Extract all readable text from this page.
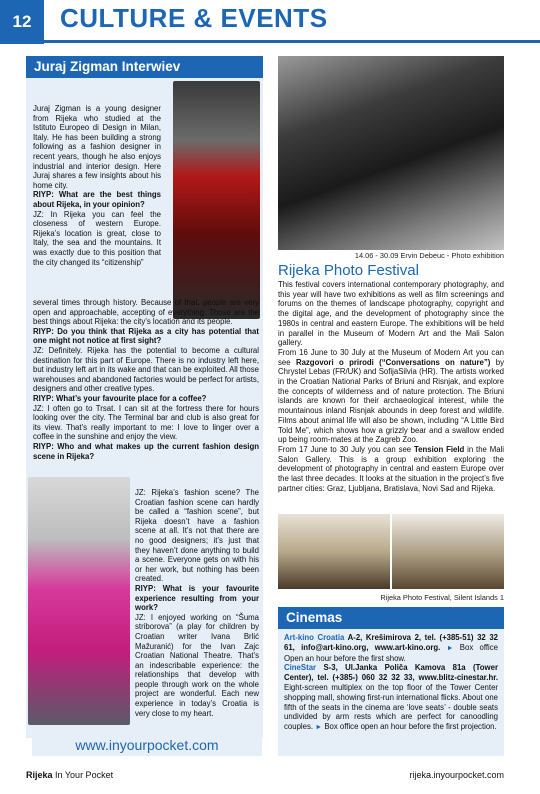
12	CULTURE & EVENTS
Juraj Zigman Interwiev
Juraj Zigman is a young designer from Rijeka who studied at the Istituto Europeo di Design in Milan, Italy. He has been building a strong following as a fashion designer in recent years, though he also enjoys industrial and interior design. Here Juraj shares a few insights about his home city.
RIYP: What are the best things about Rijeka, in your opinion?
JZ: In Rijeka you can feel the closeness of western Europe. Rijeka’s location is great, close to Italy, the sea and the mountains. It was exactly due to this position that the city changed its “citizenship”
several times through history. Because of that, people are very open and approachable, accepting of everything. Those are the best things about Rijeka: the city’s location and its people.
RIYP: Do you think that Rijeka as a city has potential that one might not notice at first sight?
JZ: Definitely. Rijeka has the potential to become a cultural destination for this part of Europe. There is no industry left here, but industry left art in its wake and that can be exploited. All those warehouses and abandoned factories would be perfect for artists, designers and other creative types.
RIYP: What’s your favourite place for a coffee?
JZ: I often go to Trsat. I can sit at the fortress there for hours looking over the city. The Terminal bar and club is also great for its view. That’s really important to me: I love to linger over a coffee in the sunshine and enjoy the view.
RIYP: Who and what makes up the current fashion design scene in Rijeka?
JZ: Rijeka’s fashion scene? The Croatian fashion scene can hardly be called a “fashion scene”, but Rijeka doesn’t have a fashion scene at all. It’s not that there are no good designers; it’s just that they haven’t done anything to build a scene. Everyone gets on with his or her work, but nothing has been created.
RIYP: What is your favourite experience resulting from your work?
JZ: I enjoyed working on “Šuma striborova” (a play for children by Croatian writer Ivana Brlić Mažuranić) for the Ivan Zajc Croatian National Theatre. That’s an indescribable experience: the relationships that develop with people through work on the whole project are wonderful. Each new experience in today’s Croatia is very close to my heart.
www.inyourpocket.com
14.06 - 30.09 Ervin Debeuc - Photo exhibition
Rijeka Photo Festival
This festival covers international contemporary photography, and this year will have two exhibitions as well as film screenings and forums on the themes of landscape photography, copyright and the digital age, and the development of photography since the 1980s in central and eastern Europe. The exhibitions will be held in parallel in the Museum of Modern Art and the Mali Salon gallery.
From 16 June to 30 July at the Museum of Modern Art you can see Razgovori o prirodi (“Conversations on nature”) by Chrystel Lebas (FR/UK) and SofijaSilvia (HR). The artists worked in the Croatian National Parks of Briuni and Risnjak, and explore the concepts of wilderness and of nature protection. The Briuni islands are known for their archaeological interest, while the mountainous inland Risnjak abounds in deep forest and wildlife. Films about animal life will also be shown, including “A Little Bird Told Me”, which shows how a grizzly bear and a swallow ended up being room-mates at the Zagreb Zoo.
From 17 June to 30 July you can see Tension Field in the Mali Salon Gallery. This is a group exhibition exploring the development of photography in central and eastern Europe over the last three decades. It looks at the situation in the project’s five partner cities: Graz, Ljubljana, Bratislava, Novi Sad and Rijeka.
Rijeka Photo Festival, Silent Islands 1
Cinemas
Art-kino Croatia A-2, Krešimirova 2, tel. (+385-51) 32 32 61, info@art-kino.org, www.art-kino.org. ► Box office Open an hour before the first show.
CineStar S-3, Ul.Janka Poliča Kamova 81a (Tower Center), tel. (+385-) 060 32 32 33, www.blitz-cinestar.hr. Eight-screen multiplex on the top floor of the Tower Center shopping mall, showing first-run international flicks. About one fifth of the seats in the cinema are ‘love seats’ - double seats undivided by arm rests which are perfect for canoodling couples. ► Box office open an hour before the first projection.
Rijeka In Your Pocket	rijeka.inyourpocket.com
